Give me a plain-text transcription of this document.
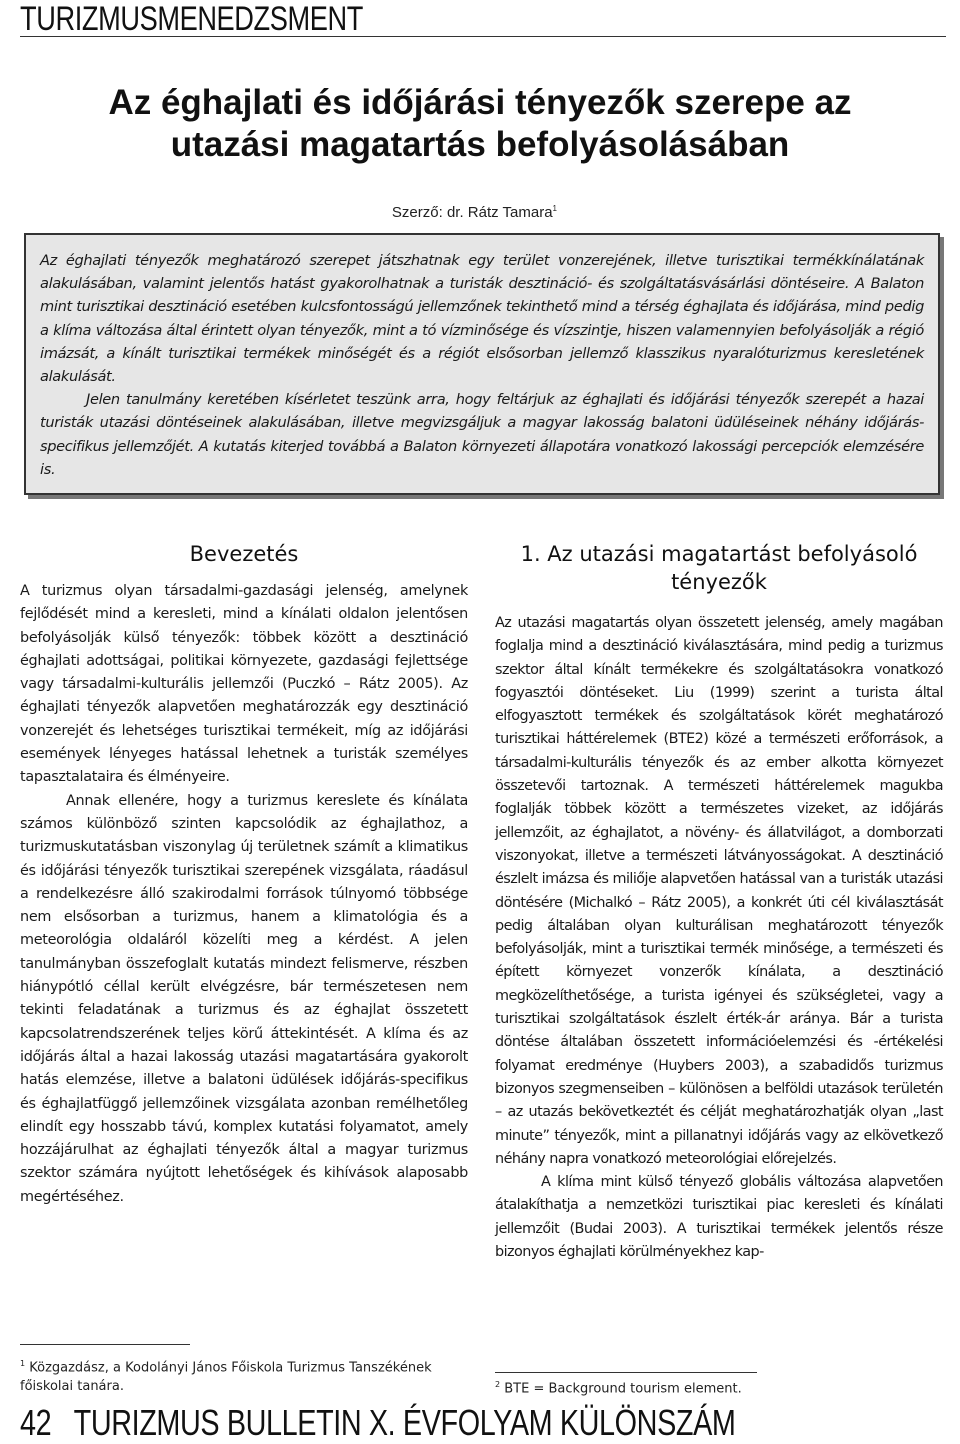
TURIZMUSMENEDZSMENT
Az éghajlati és időjárási tényezők szerepe az utazási magatartás befolyásolásában
Szerző: dr. Rátz Tamara$^1$

Az éghajlati tényezők meghatározó szerepet játszhatnak egy terület vonzerejének, illetve turisztikai termékkínálatának alakulásában, valamint jelentős hatást gyakorolhatnak a turisták desztináció- és szolgáltatásvásárlási döntéseire. A Balaton mint turisztikai desztináció esetében kulcsfontosságú jellemzőnek tekinthető mind a térség éghajlata és időjárása, mind pedig a klíma változása által érintett olyan tényezők, mint a tó vízminősége és vízszintje, hiszen valamennyien befolyásolják a régió imázsát, a kínált turisztikai termékek minőségét és a régiót elsősorban jellemző klasszikus nyaralóturizmus keresletének alakulását.

Jelen tanulmány keretében kísérletet teszünk arra, hogy feltárjuk az éghajlati és időjárási tényezők szerepét a hazai turisták utazási döntéseinek alakulásában, illetve megvizsgáljuk a magyar lakosság balatoni üdüléseinek néhány időjárás-specifikus jellemzőjét. A kutatás kiterjed továbbá a Balaton környezeti állapotára vonatkozó lakossági percepciók elemzésére is.

Bevezetés

A turizmus olyan társadalmi-gazdasági jelenség, amelynek fejlődését mind a keresleti, mind a kínálati oldalon jelentősen befolyásolják külső tényezők: többek között a desztináció éghajlati adottságai, politikai környezete, gazdasági fejlettsége vagy társadalmi-kulturális jellemzői (Puczkó – Rátz 2005). Az éghajlati tényezők alapvetően meghatározzák egy desztináció vonzerejét és lehetséges turisztikai termékeit, míg az időjárási események lényeges hatással lehetnek a turisták személyes tapasztalataira és élményeire.

Annak ellenére, hogy a turizmus kereslete és kínálata számos különböző szinten kapcsolódik az éghajlathoz, a turizmuskutatásban viszonylag új területnek számít a klimatikus és időjárási tényezők turisztikai szerepének vizsgálata, ráadásul a rendelkezésre álló szakirodalmi források túlnyomó többsége nem elsősorban a turizmus, hanem a klimatológia és a meteorológia oldaláról közelíti meg a kérdést. A jelen tanulmányban összefoglalt kutatás mindezt felismerve, részben hiánypótló céllal került elvégzésre, bár természetesen nem tekinti feladatának a turizmus és az éghajlat összetett kapcsolatrendszerének teljes körű áttekintését. A klíma és az időjárás által a hazai lakosság utazási magatartására gyakorolt hatás elemzése, illetve a balatoni üdülések időjárás-specifikus és éghajlatfüggő jellemzőinek vizsgálata azonban remélhetőleg elindít egy hosszabb távú, komplex kutatási folyamatot, amely hozzájárulhat az éghajlati tényezők által a magyar turizmus szektor számára nyújtott lehetőségek és kihívások alaposabb megértéséhez.

1. Az utazási magatartást befolyásoló tényezők

Az utazási magatartás olyan összetett jelenség, amely magában foglalja mind a desztináció kiválasztására, mind pedig a turizmus szektor által kínált termékekre és szolgáltatásokra vonatkozó fogyasztói döntéseket. Liu (1999) szerint a turista által elfogyasztott termékek és szolgáltatások körét meghatározó turisztikai háttérelemek (BTE2) közé a természeti erőforrások, a társadalmi-kulturális tényezők és az ember alkotta környezet összetevői tartoznak. A természeti háttérelemek magukba foglalják többek között a természetes vizeket, az időjárás jellemzőit, az éghajlatot, a növény- és állatvilágot, a domborzati viszonyokat, illetve a természeti látványosságokat. A desztináció észlelt imázsa és miliője alapvetően hatással van a turisták utazási döntésére (Michalkó – Rátz 2005), a konkrét úti cél kiválasztását pedig általában olyan kulturálisan meghatározott tényezők befolyásolják, mint a turisztikai termék minősége, a természeti és épített környezet vonzerők kínálata, a desztináció megközelíthetősége, a turista igényei és szükségletei, vagy a turisztikai szolgáltatások észlelt érték-ár aránya. Bár a turista döntése általában összetett információelemzési és -értékelési folyamat eredménye (Huybers 2003), a szabadidős turizmus bizonyos szegmenseiben – különösen a belföldi utazások területén – az utazás bekövetkeztét és célját meghatározhatják olyan „last minute” tényezők, mint a pillanatnyi időjárás vagy az elkövetkező néhány napra vonatkozó meteorológiai előrejelzés.

A klíma mint külső tényező globális változása alapvetően átalakíthatja a nemzetközi turisztikai piac keresleti és kínálati jellemzőit (Budai 2003). A turisztikai termékek jelentős része bizonyos éghajlati körülményekhez kap-

$^1$ Közgazdász, a Kodolányi János Főiskola Turizmus Tanszékének főiskolai tanára.	$^2$ BTE = Background tourism element.
42 TURIZMUS BULLETIN X. ÉVFOLYAM KÜLÖNSZÁM
